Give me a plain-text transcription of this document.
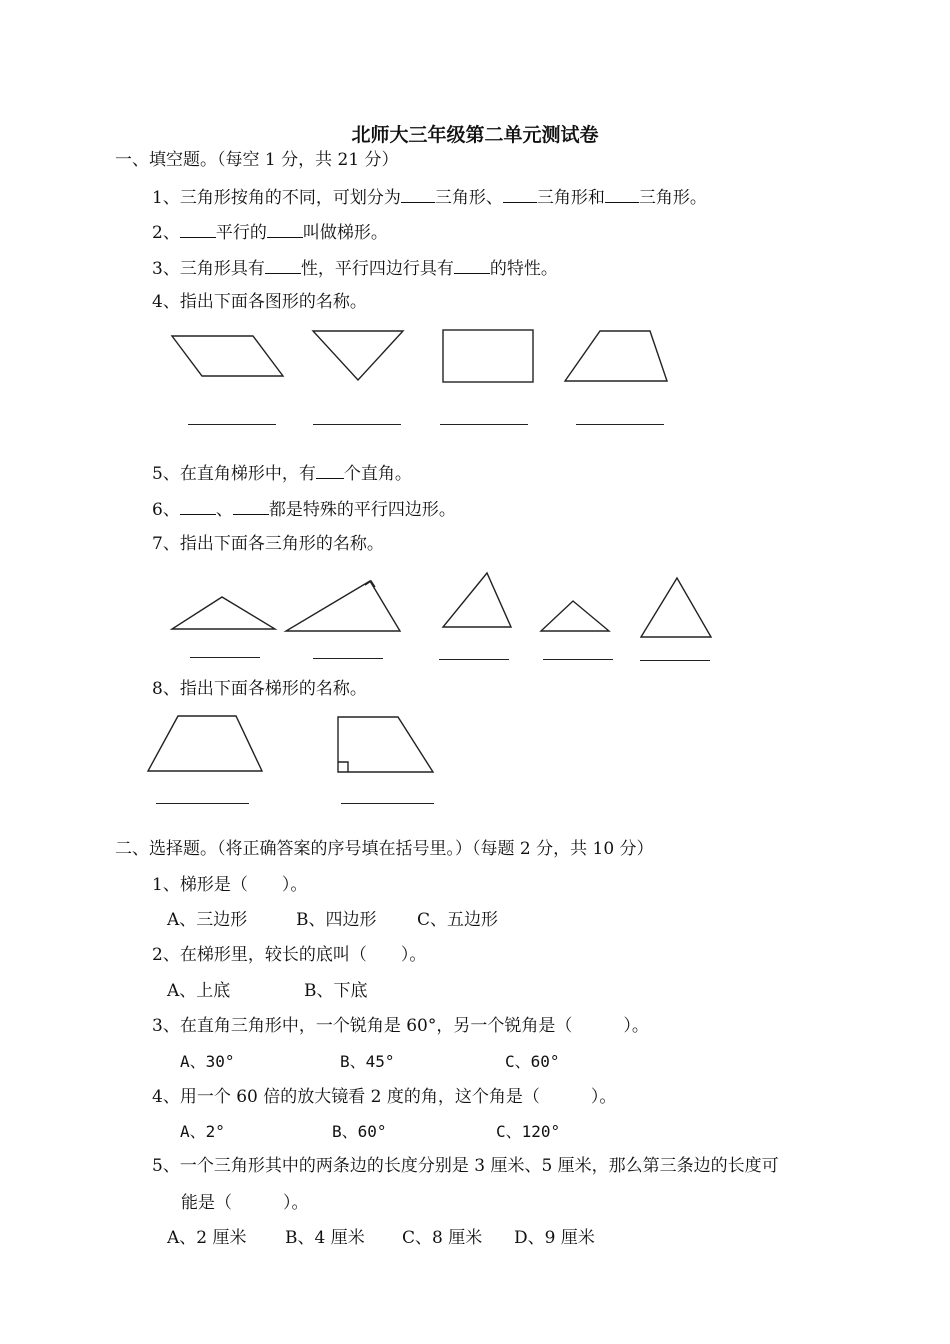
北师大三年级第二单元测试卷
一、填空题。（每空 1 分，共 21 分）
1、三角形按角的不同，可划分为 三角形、 三角形和 三角形。
2、 平行的 叫做梯形。
3、三角形具有 性，平行四边行具有 的特性。
4、指出下面各图形的名称。
5、在直角梯形中，有 个直角。
6、 、 都是特殊的平行四边形。
7、指出下面各三角形的名称。
8、指出下面各梯形的名称。
二、选择题。（将正确答案的序号填在括号里。）（每题 2 分，共 10 分）
1、梯形是（　　）。
A、三边形	B、四边形 C、五边形
2、在梯形里，较长的底叫（　　）。
A、上底	B、下底
3、在直角三角形中，一个锐角是 60°，另一个锐角是（　　　）。
A、30°	B、45°	C、60°
4、用一个 60 倍的放大镜看 2 度的角，这个角是（　　　）。
A、2°	B、60°	C、120°
5、一个三角形其中的两条边的长度分别是 3 厘米、5 厘米，那么第三条边的长度可
能是（　　　）。
A、2 厘米 B、4 厘米 C、8 厘米 D、9 厘米
